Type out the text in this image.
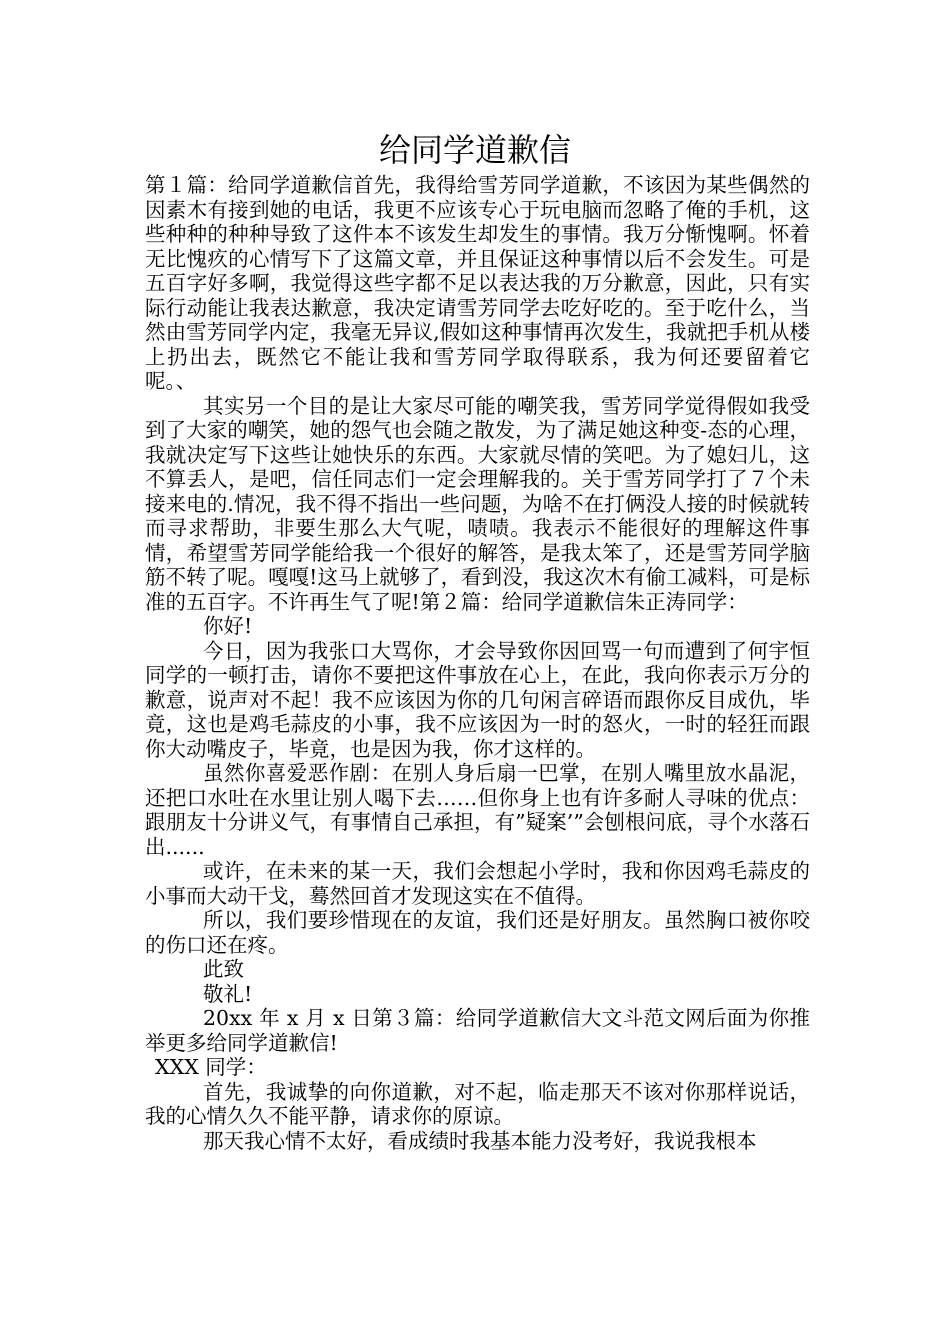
给同学道歉信

第１篇：给同学道歉信首先，我得给雪芳同学道歉，不该因为某些偶然的因素木有接到她的电话，我更不应该专心于玩电脑而忽略了俺的手机，这些种种的种种导致了这件本不该发生却发生的事情。我万分惭愧啊。怀着无比愧疚的心情写下了这篇文章，并且保证这种事情以后不会发生。可是五百字好多啊，我觉得这些字都不足以表达我的万分歉意，因此，只有实际行动能让我表达歉意，我决定请雪芳同学去吃好吃的。至于吃什么，当然由雪芳同学内定，我毫无异议,假如这种事情再次发生，我就把手机从楼上扔出去，既然它不能让我和雪芳同学取得联系，我为何还要留着它呢。、

其实另一个目的是让大家尽可能的嘲笑我，雪芳同学觉得假如我受到了大家的嘲笑，她的怨气也会随之散发，为了满足她这种变-态的心理，我就决定写下这些让她快乐的东西。大家就尽情的笑吧。为了媳妇儿，这不算丢人，是吧，信任同志们一定会理解我的。关于雪芳同学打了７个未接来电的.情况，我不得不指出一些问题，为啥不在打俩没人接的时候就转而寻求帮助，非要生那么大气呢，啧啧。我表示不能很好的理解这件事情，希望雪芳同学能给我一个很好的解答，是我太笨了，还是雪芳同学脑筋不转了呢。嘎嘎!这马上就够了，看到没，我这次木有偷工减料，可是标准的五百字。不许再生气了呢!第２篇：给同学道歉信朱正涛同学：

你好!

今日，因为我张口大骂你，才会导致你因回骂一句而遭到了何宇恒同学的一顿打击，请你不要把这件事放在心上，在此，我向你表示万分的歉意，说声对不起！我不应该因为你的几句闲言碎语而跟你反目成仇，毕竟，这也是鸡毛蒜皮的小事，我不应该因为一时的怒火，一时的轻狂而跟你大动嘴皮子，毕竟，也是因为我，你才这样的。

虽然你喜爱恶作剧：在别人身后扇一巴掌，在别人嘴里放水晶泥，还把口水吐在水里让别人喝下去……但你身上也有许多耐人寻味的优点：跟朋友十分讲义气，有事情自己承担，有”疑案’”会刨根问底，寻个水落石出......

或许，在未来的某一天，我们会想起小学时，我和你因鸡毛蒜皮的小事而大动干戈，蓦然回首才发现这实在不值得。

所以，我们要珍惜现在的友谊，我们还是好朋友。虽然胸口被你咬的伤口还在疼。

此致

敬礼!

20xx 年 x 月 x 日第３篇：给同学道歉信大文斗范文网后面为你推举更多给同学道歉信!

XXX 同学：

首先，我诚挚的向你道歉，对不起，临走那天不该对你那样说话，我的心情久久不能平静，请求你的原谅。

那天我心情不太好，看成绩时我基本能力没考好，我说我根本
